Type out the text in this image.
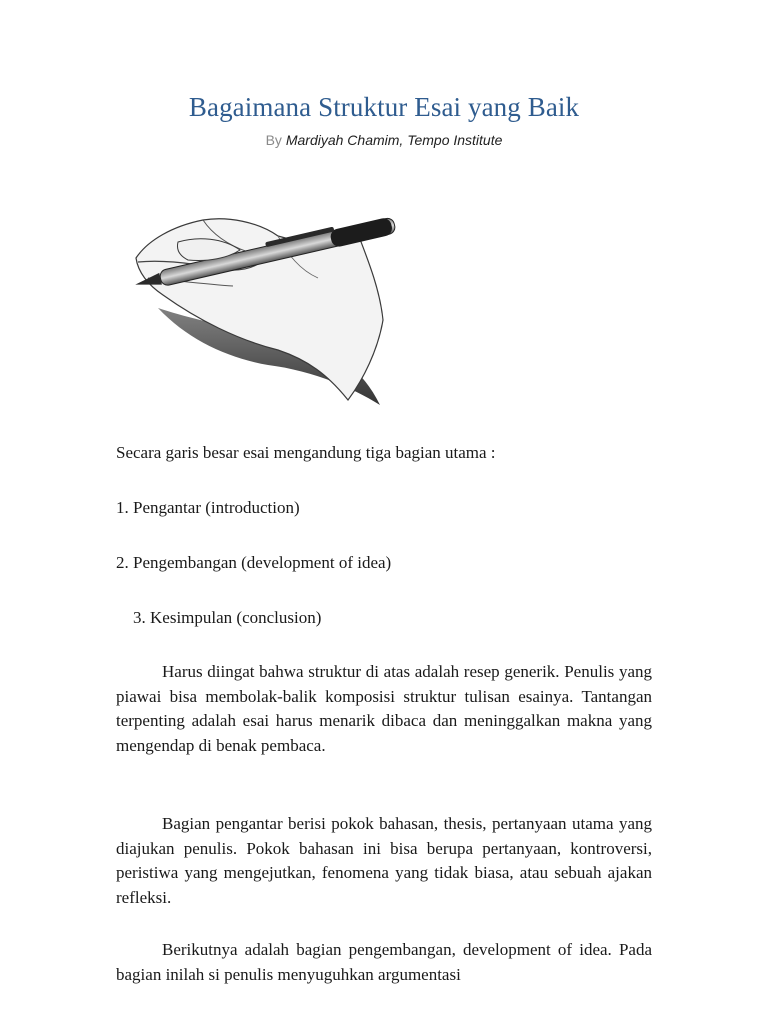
Bagaimana Struktur Esai yang Baik
By Mardiyah Chamim, Tempo Institute
Secara garis besar esai mengandung tiga bagian utama :
1. Pengantar (introduction)
2. Pengembangan (development of idea)
3. Kesimpulan (conclusion)
Harus diingat bahwa struktur di atas adalah resep generik. Penulis yang piawai bisa membolak-balik komposisi struktur tulisan esainya. Tantangan terpenting adalah esai harus menarik dibaca dan meninggalkan makna yang mengendap di benak pembaca.
Bagian pengantar berisi pokok bahasan, thesis, pertanyaan utama yang diajukan penulis. Pokok bahasan ini bisa berupa pertanyaan, kontroversi, peristiwa yang mengejutkan, fenomena yang tidak biasa, atau sebuah ajakan refleksi.
Berikutnya adalah bagian pengembangan, development of idea. Pada bagian inilah si penulis menyuguhkan argumentasi
